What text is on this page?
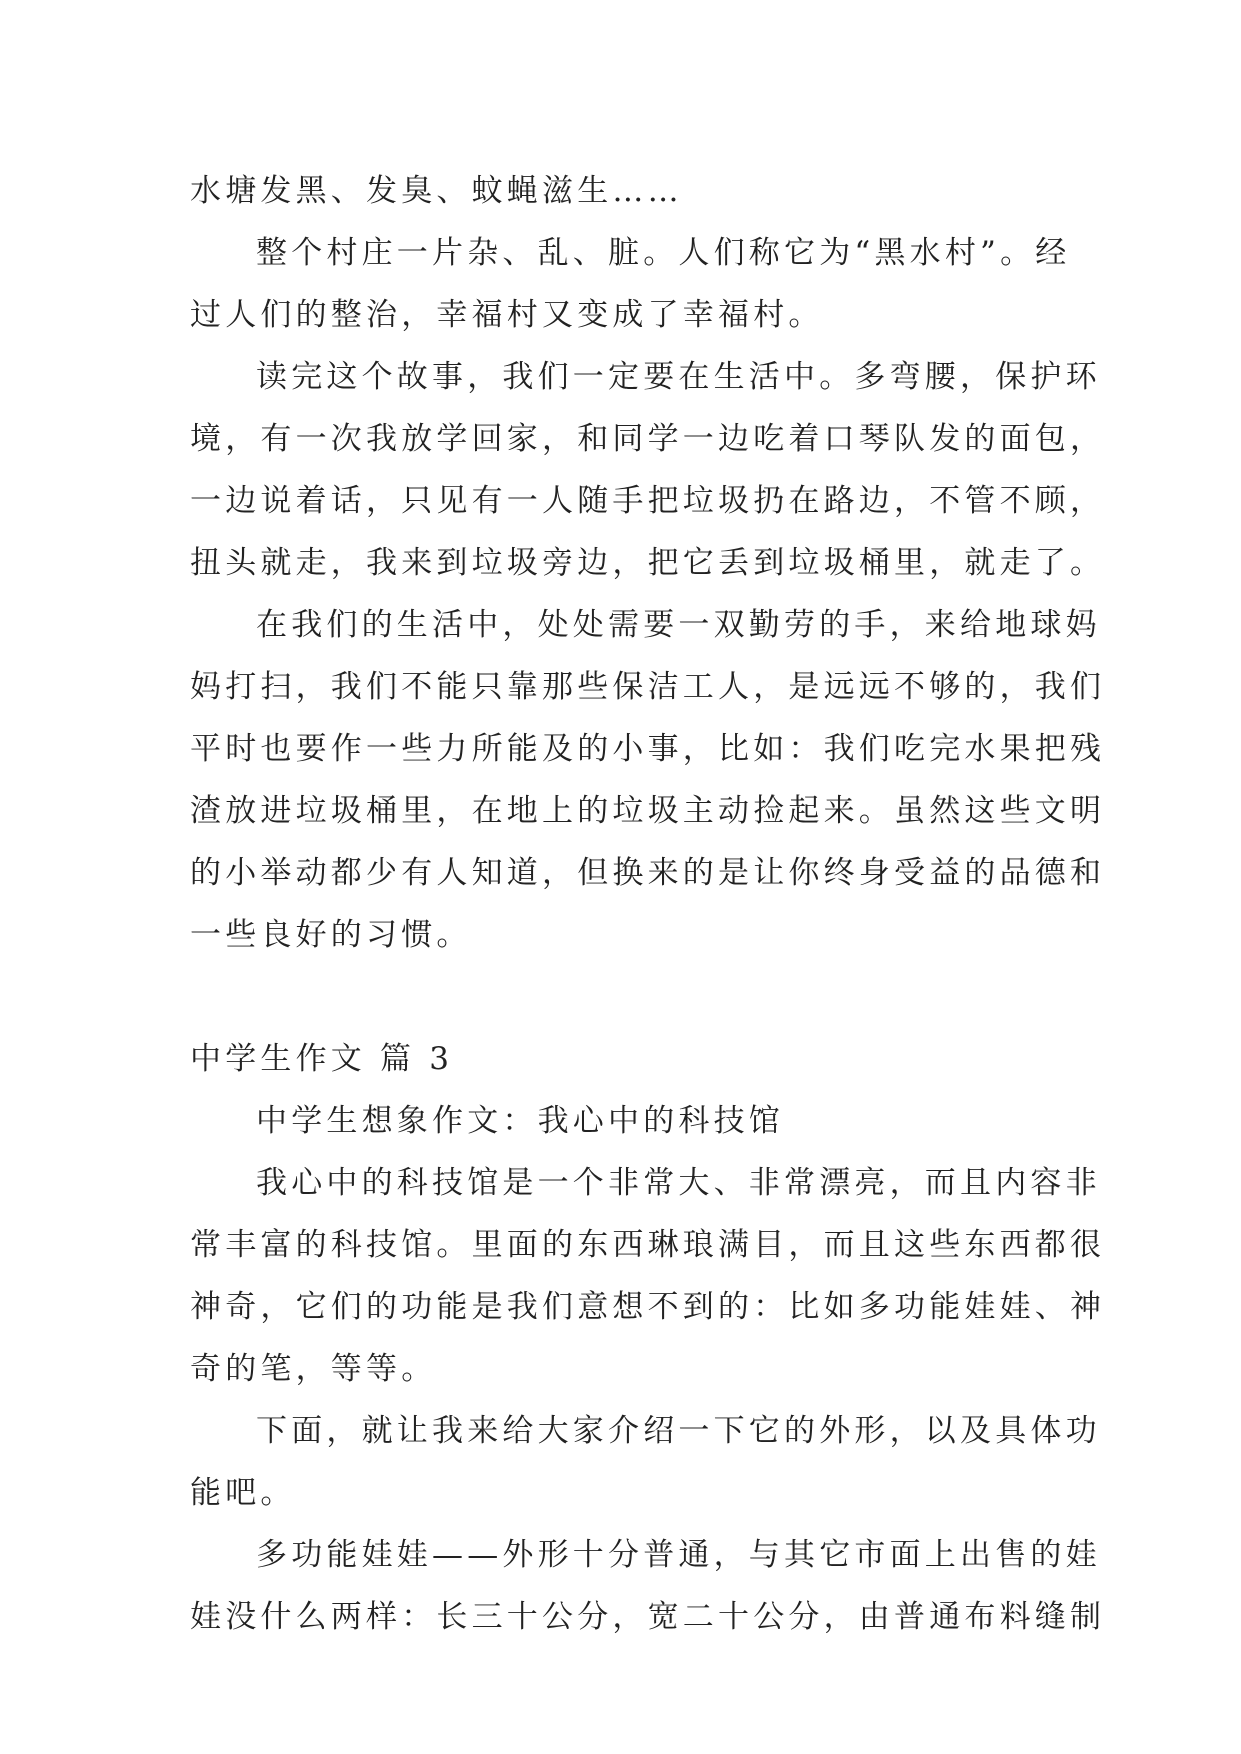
水塘发黑、发臭、蚊蝇滋生……
整个村庄一片杂、乱、脏。人们称它为“黑水村”。经
过人们的整治，幸福村又变成了幸福村。
读完这个故事，我们一定要在生活中。多弯腰，保护环
境，有一次我放学回家，和同学一边吃着口琴队发的面包，
一边说着话，只见有一人随手把垃圾扔在路边，不管不顾，
扭头就走，我来到垃圾旁边，把它丢到垃圾桶里，就走了。
在我们的生活中，处处需要一双勤劳的手，来给地球妈
妈打扫，我们不能只靠那些保洁工人，是远远不够的，我们
平时也要作一些力所能及的小事，比如：我们吃完水果把残
渣放进垃圾桶里，在地上的垃圾主动捡起来。虽然这些文明
的小举动都少有人知道，但换来的是让你终身受益的品德和
一些良好的习惯。
中学生作文 篇 3
中学生想象作文：我心中的科技馆
我心中的科技馆是一个非常大、非常漂亮，而且内容非
常丰富的科技馆。里面的东西琳琅满目，而且这些东西都很
神奇，它们的功能是我们意想不到的：比如多功能娃娃、神
奇的笔，等等。
下面，就让我来给大家介绍一下它的外形，以及具体功
能吧。
多功能娃娃——外形十分普通，与其它市面上出售的娃
娃没什么两样：长三十公分，宽二十公分，由普通布料缝制
